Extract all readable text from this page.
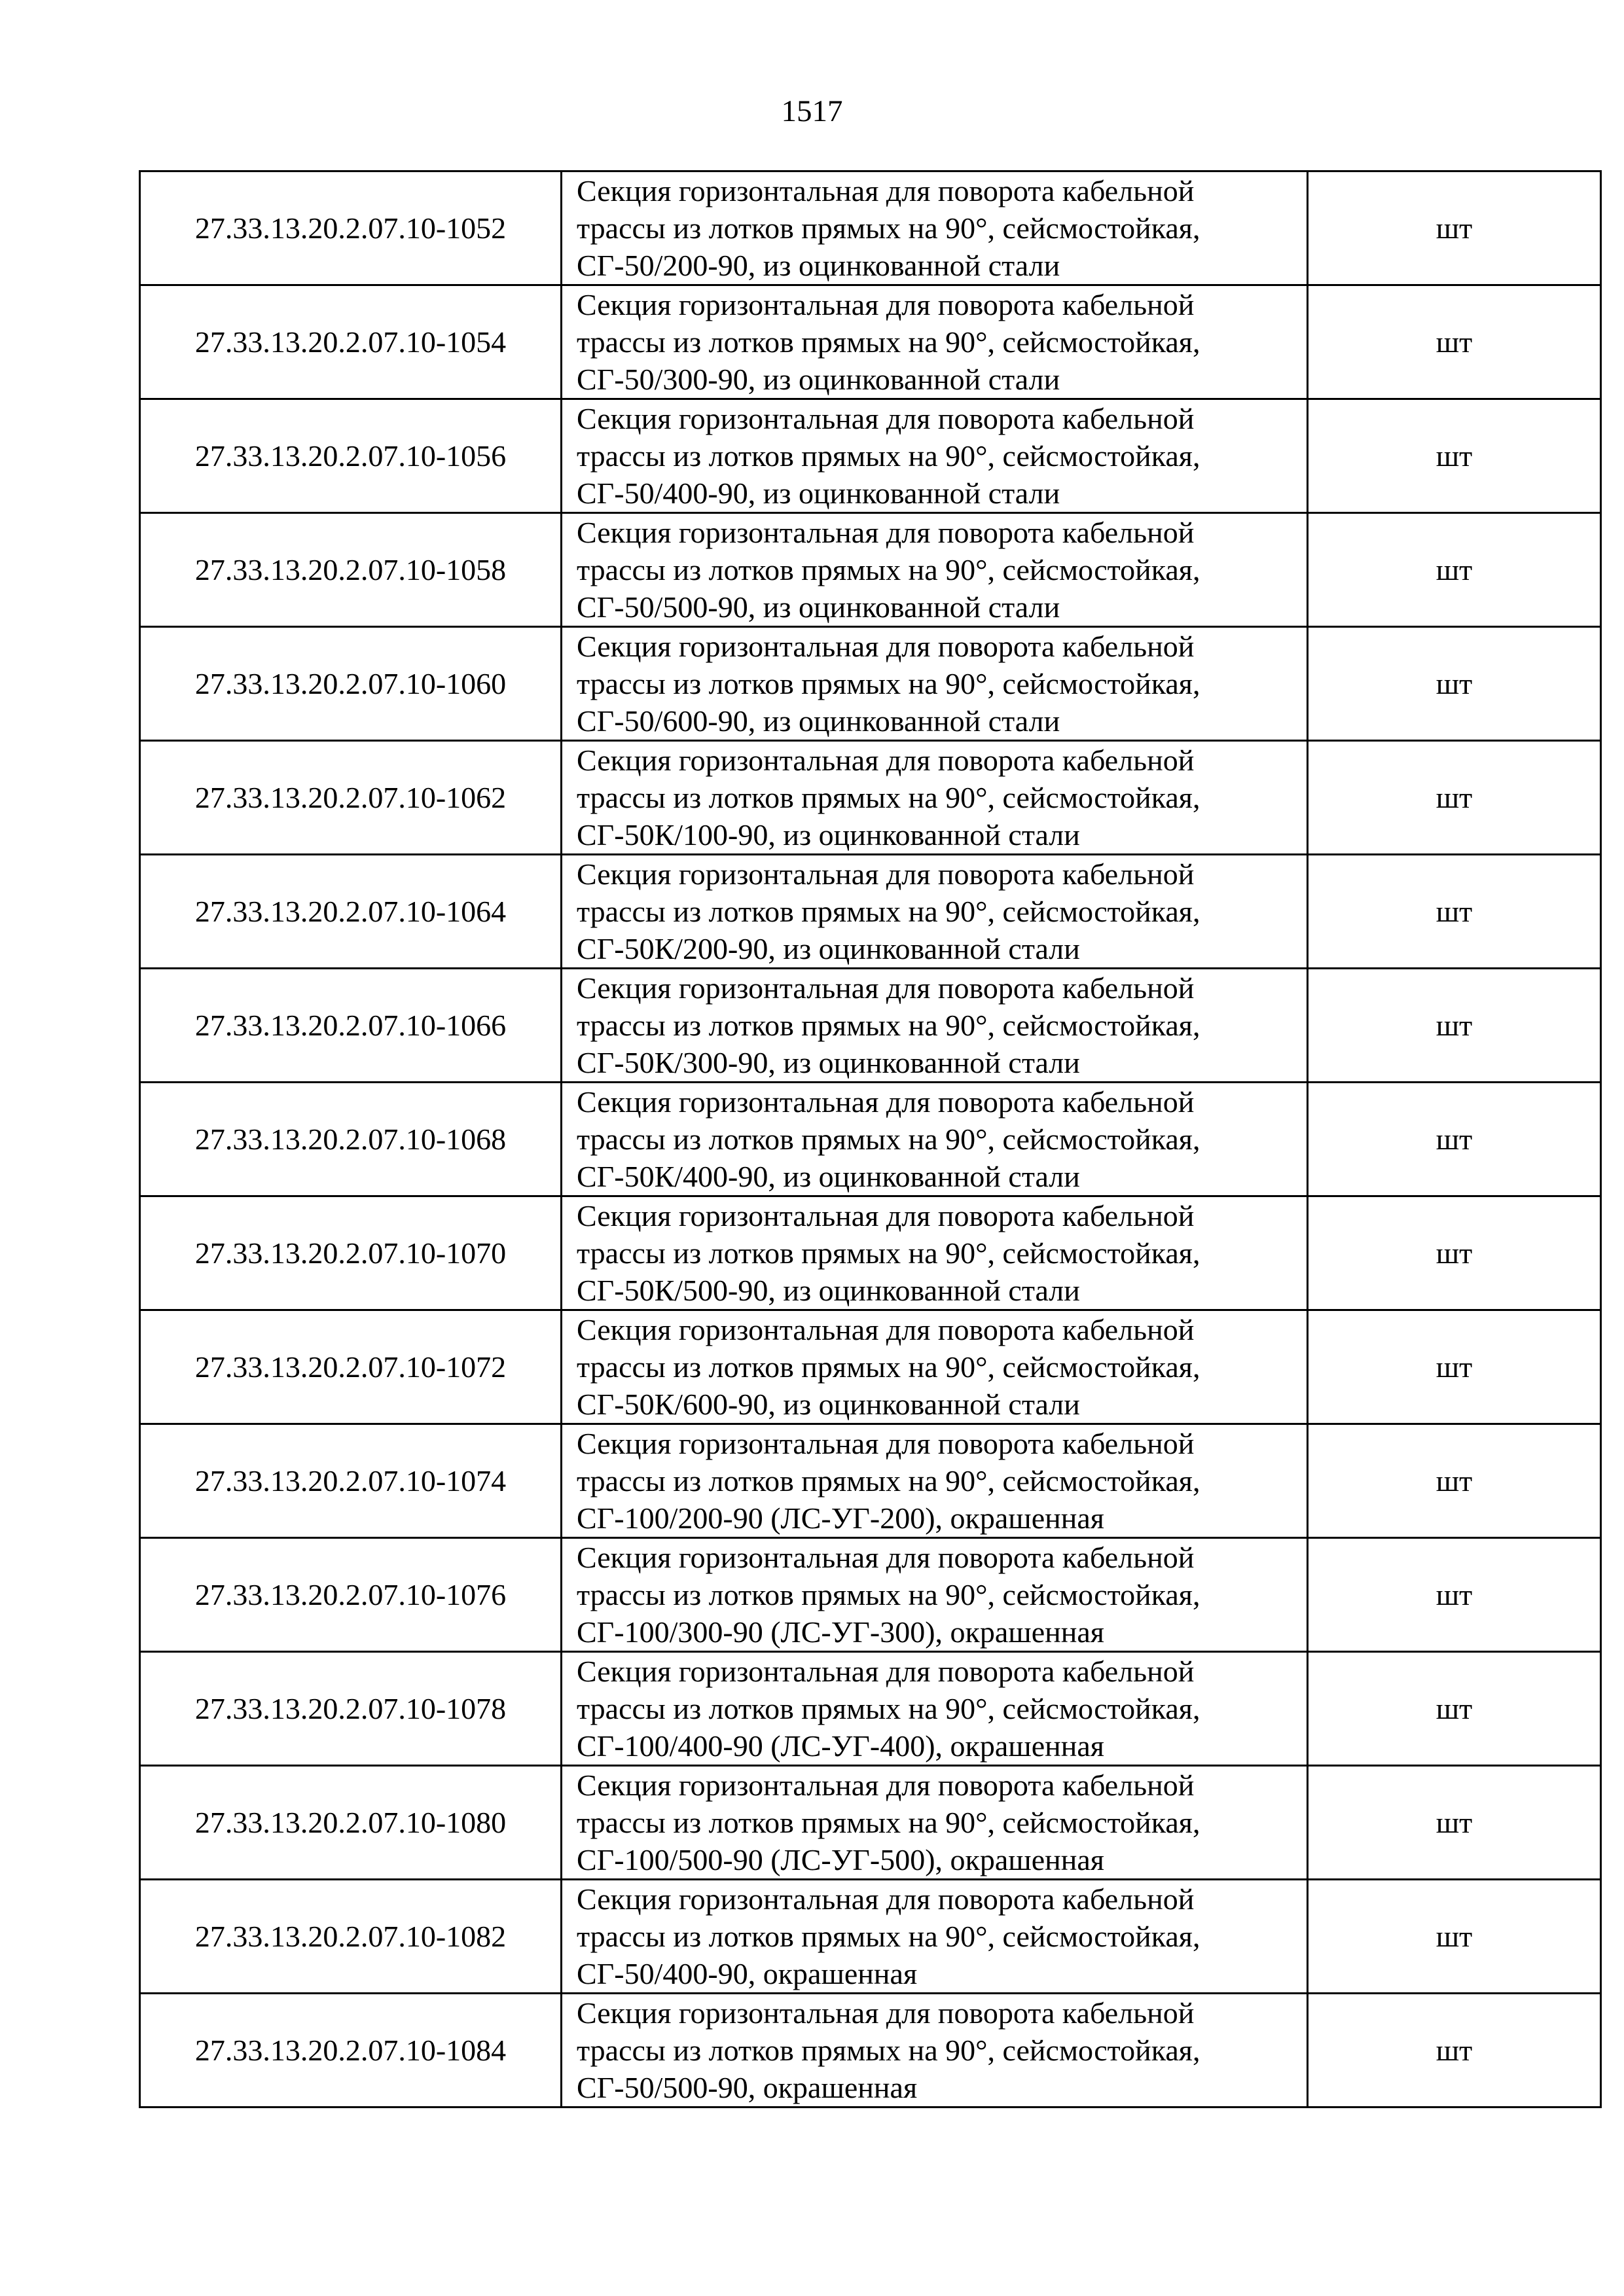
1517
27.33.13.20.2.07.10-1052	Секция горизонтальная для поворота кабельной
трассы из лотков прямых на 90°, сейсмостойкая,
СГ-50/200-90, из оцинкованной стали	шт
27.33.13.20.2.07.10-1054	Секция горизонтальная для поворота кабельной
трассы из лотков прямых на 90°, сейсмостойкая,
СГ-50/300-90, из оцинкованной стали	шт
27.33.13.20.2.07.10-1056	Секция горизонтальная для поворота кабельной
трассы из лотков прямых на 90°, сейсмостойкая,
СГ-50/400-90, из оцинкованной стали	шт
27.33.13.20.2.07.10-1058	Секция горизонтальная для поворота кабельной
трассы из лотков прямых на 90°, сейсмостойкая,
СГ-50/500-90, из оцинкованной стали	шт
27.33.13.20.2.07.10-1060	Секция горизонтальная для поворота кабельной
трассы из лотков прямых на 90°, сейсмостойкая,
СГ-50/600-90, из оцинкованной стали	шт
27.33.13.20.2.07.10-1062	Секция горизонтальная для поворота кабельной
трассы из лотков прямых на 90°, сейсмостойкая,
СГ-50К/100-90, из оцинкованной стали	шт
27.33.13.20.2.07.10-1064	Секция горизонтальная для поворота кабельной
трассы из лотков прямых на 90°, сейсмостойкая,
СГ-50К/200-90, из оцинкованной стали	шт
27.33.13.20.2.07.10-1066	Секция горизонтальная для поворота кабельной
трассы из лотков прямых на 90°, сейсмостойкая,
СГ-50К/300-90, из оцинкованной стали	шт
27.33.13.20.2.07.10-1068	Секция горизонтальная для поворота кабельной
трассы из лотков прямых на 90°, сейсмостойкая,
СГ-50К/400-90, из оцинкованной стали	шт
27.33.13.20.2.07.10-1070	Секция горизонтальная для поворота кабельной
трассы из лотков прямых на 90°, сейсмостойкая,
СГ-50К/500-90, из оцинкованной стали	шт
27.33.13.20.2.07.10-1072	Секция горизонтальная для поворота кабельной
трассы из лотков прямых на 90°, сейсмостойкая,
СГ-50К/600-90, из оцинкованной стали	шт
27.33.13.20.2.07.10-1074	Секция горизонтальная для поворота кабельной
трассы из лотков прямых на 90°, сейсмостойкая,
СГ-100/200-90 (ЛС-УГ-200), окрашенная	шт
27.33.13.20.2.07.10-1076	Секция горизонтальная для поворота кабельной
трассы из лотков прямых на 90°, сейсмостойкая,
СГ-100/300-90 (ЛС-УГ-300), окрашенная	шт
27.33.13.20.2.07.10-1078	Секция горизонтальная для поворота кабельной
трассы из лотков прямых на 90°, сейсмостойкая,
СГ-100/400-90 (ЛС-УГ-400), окрашенная	шт
27.33.13.20.2.07.10-1080	Секция горизонтальная для поворота кабельной
трассы из лотков прямых на 90°, сейсмостойкая,
СГ-100/500-90 (ЛС-УГ-500), окрашенная	шт
27.33.13.20.2.07.10-1082	Секция горизонтальная для поворота кабельной
трассы из лотков прямых на 90°, сейсмостойкая,
СГ-50/400-90, окрашенная	шт
27.33.13.20.2.07.10-1084	Секция горизонтальная для поворота кабельной
трассы из лотков прямых на 90°, сейсмостойкая,
СГ-50/500-90, окрашенная	шт
